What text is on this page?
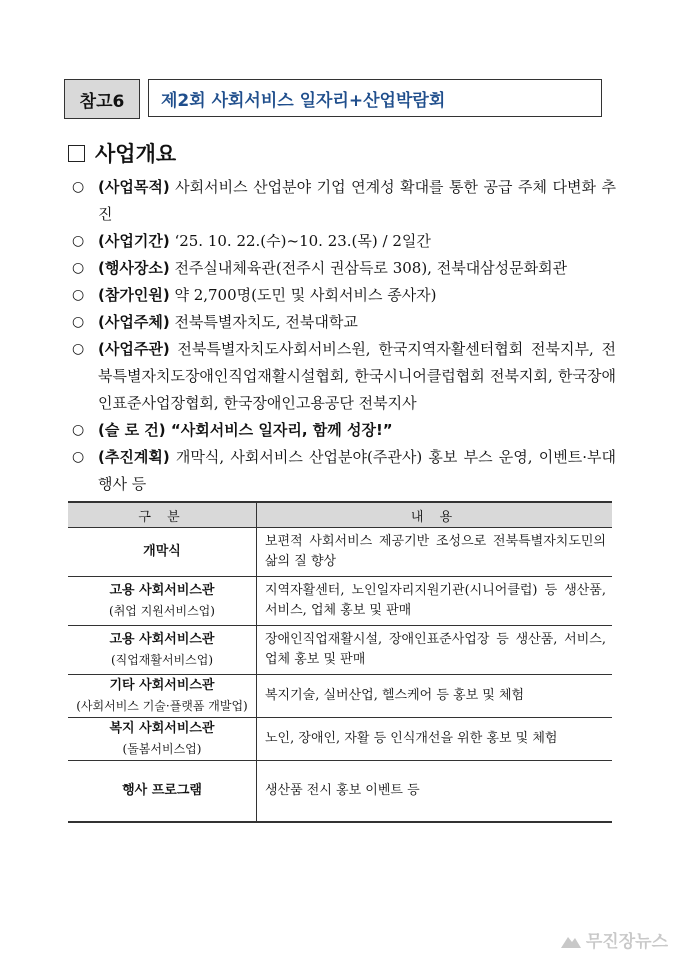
참고6	제2회 사회서비스 일자리+산업박람회
사업개요
○ (사업목적) 사회서비스 산업분야 기업 연계성 확대를 통한 공급 주체 다변화 추진
○ (사업기간) ‘25. 10. 22.(수)~10. 23.(목) / 2일간
○ (행사장소) 전주실내체육관(전주시 권삼득로 308), 전북대삼성문화회관
○ (참가인원) 약 2,700명(도민 및 사회서비스 종사자)
○ (사업주체) 전북특별자치도, 전북대학교
○ (사업주관) 전북특별자치도사회서비스원, 한국지역자활센터협회 전북지부, 전북특별자치도장애인직업재활시설협회, 한국시니어클럽협회 전북지회, 한국장애인표준사업장협회, 한국장애인고용공단 전북지사
○ (슬 로 건) “사회서비스 일자리, 함께 성장!”
○ (추진계획) 개막식, 사회서비스 산업분야(주관사) 홍보 부스 운영, 이벤트·부대행사 등
구 분	내 용

개막식	보편적 사회서비스 제공기반 조성으로 전북특별자치도민의 삶의 질 향상

고용 사회서비스관
(취업 지원서비스업)	지역자활센터, 노인일자리지원기관(시니어클럽) 등 생산품, 서비스, 업체 홍보 및 판매

고용 사회서비스관
(직업재활서비스업)	장애인직업재활시설, 장애인표준사업장 등 생산품, 서비스, 업체 홍보 및 판매

기타 사회서비스관
(사회서비스 기술·플랫폼 개발업)	복지기술, 실버산업, 헬스케어 등 홍보 및 체험

복지 사회서비스관
(돌봄서비스업)	노인, 장애인, 자활 등 인식개선을 위한 홍보 및 체험

행사 프로그램	생산품 전시 홍보 이벤트 등
무진장뉴스
